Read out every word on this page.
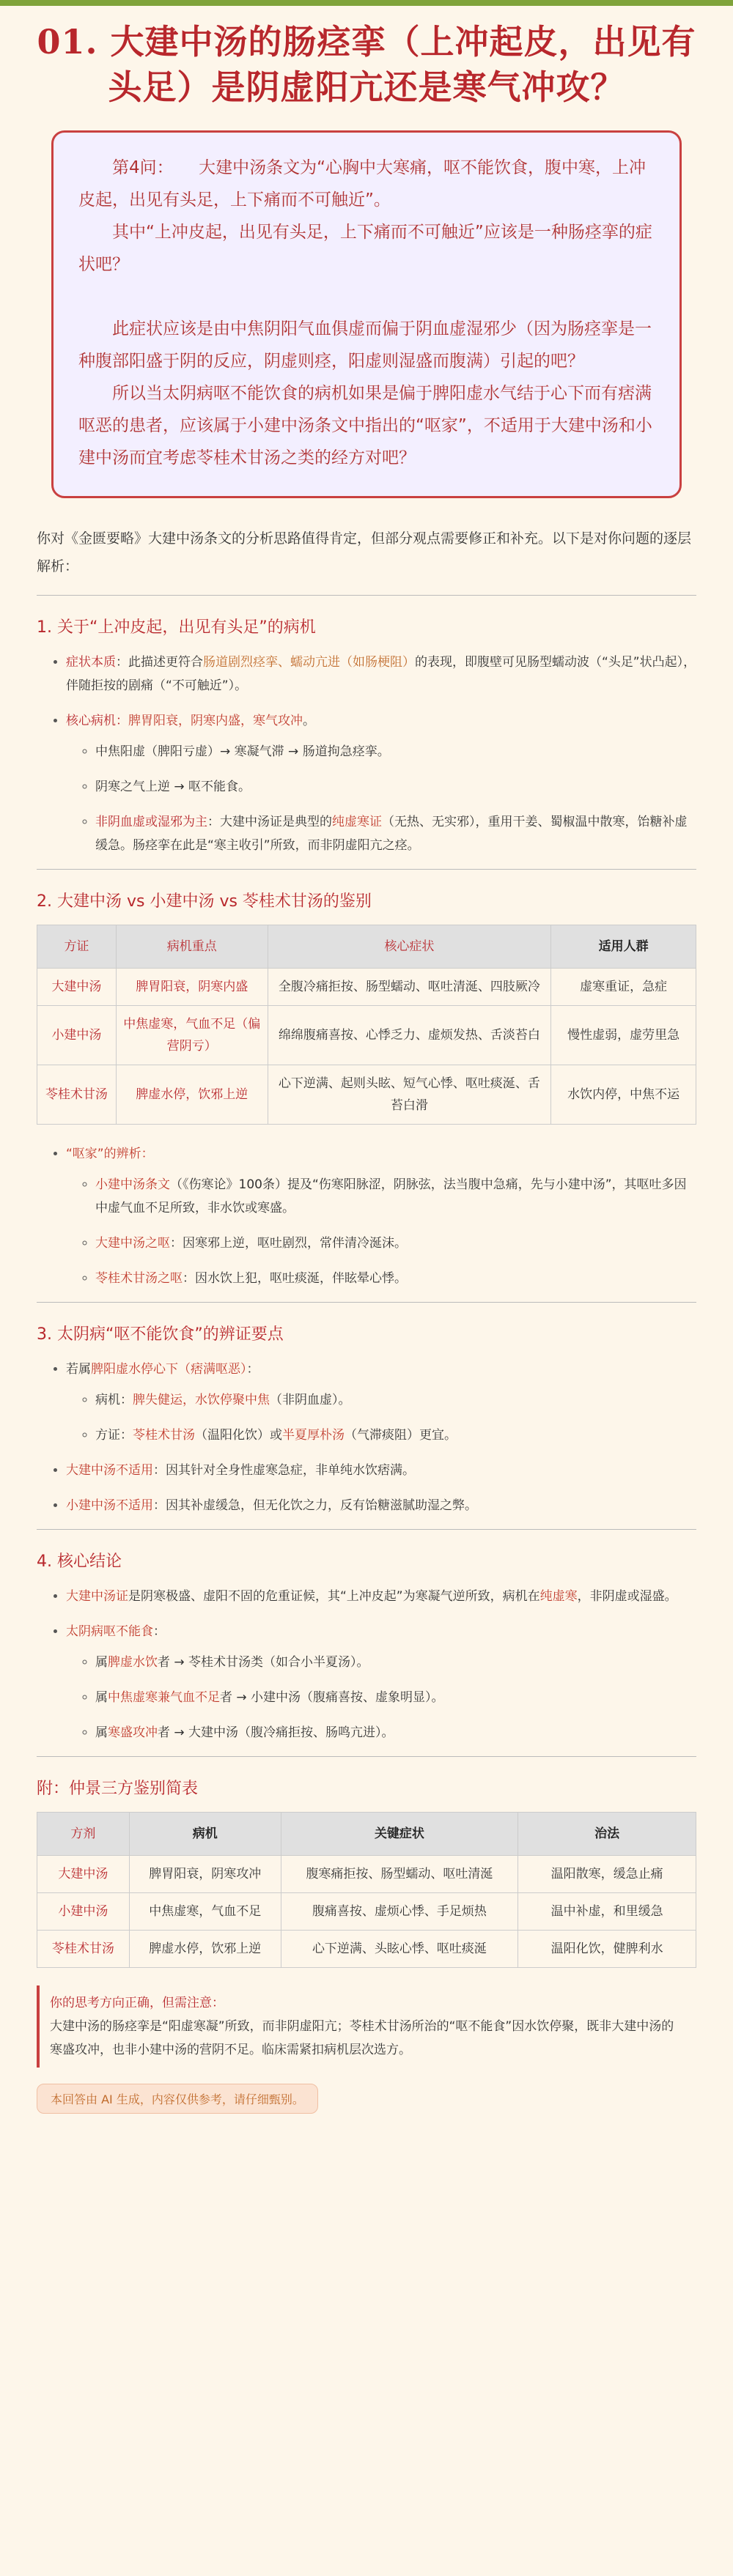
01. 大建中汤的肠痉挛（上冲起皮，出见有头足）是阴虚阳亢还是寒气冲攻？

第4问：　　大建中汤条文为“心胸中大寒痛，呕不能饮食，腹中寒，上冲皮起，出见有头足，上下痛而不可触近”。

其中“上冲皮起，出见有头足，上下痛而不可触近”应该是一种肠痉挛的症状吧？

此症状应该是由中焦阴阳气血俱虚而偏于阴血虚湿邪少（因为肠痉挛是一种腹部阳盛于阴的反应，阴虚则痉，阳虚则湿盛而腹满）引起的吧？

所以当太阴病呕不能饮食的病机如果是偏于脾阳虚水气结于心下而有痞满呕恶的患者，应该属于小建中汤条文中指出的“呕家”，不适用于大建中汤和小建中汤而宜考虑苓桂术甘汤之类的经方对吧？

你对《金匮要略》大建中汤条文的分析思路值得肯定，但部分观点需要修正和补充。以下是对你问题的逐层解析：

1. 关于“上冲皮起，出见有头足”的病机
• 症状本质：此描述更符合肠道剧烈痉挛、蠕动亢进（如肠梗阻）的表现，即腹壁可见肠型蠕动波（“头足”状凸起），伴随拒按的剧痛（“不可触近”）。
• 核心病机：脾胃阳衰，阴寒内盛，寒气攻冲。
◦ 中焦阳虚（脾阳亏虚）→ 寒凝气滞 → 肠道拘急痉挛。
◦ 阴寒之气上逆 → 呕不能食。
◦ 非阴血虚或湿邪为主：大建中汤证是典型的纯虚寒证（无热、无实邪），重用干姜、蜀椒温中散寒，饴糖补虚缓急。肠痉挛在此是“寒主收引”所致，而非阴虚阳亢之痉。
2. 大建中汤 vs 小建中汤 vs 苓桂术甘汤的鉴别
方证	病机重点	核心症状	适用人群
大建中汤	脾胃阳衰，阴寒内盛	全腹冷痛拒按、肠型蠕动、呕吐清涎、四肢厥冷	虚寒重证，急症
小建中汤	中焦虚寒，气血不足（偏营阴亏）	绵绵腹痛喜按、心悸乏力、虚烦发热、舌淡苔白	慢性虚弱，虚劳里急
苓桂术甘汤	脾虚水停，饮邪上逆	心下逆满、起则头眩、短气心悸、呕吐痰涎、舌苔白滑	水饮内停，中焦不运
• “呕家”的辨析：
◦ 小建中汤条文（《伤寒论》100条）提及“伤寒阳脉涩，阴脉弦，法当腹中急痛，先与小建中汤”，其呕吐多因中虚气血不足所致，非水饮或寒盛。
◦ 大建中汤之呕：因寒邪上逆，呕吐剧烈，常伴清冷涎沫。
◦ 苓桂术甘汤之呕：因水饮上犯，呕吐痰涎，伴眩晕心悸。
3. 太阴病“呕不能饮食”的辨证要点
• 若属脾阳虚水停心下（痞满呕恶）：
◦ 病机：脾失健运，水饮停聚中焦（非阴血虚）。
◦ 方证：苓桂术甘汤（温阳化饮）或半夏厚朴汤（气滞痰阻）更宜。
• 大建中汤不适用：因其针对全身性虚寒急症，非单纯水饮痞满。
• 小建中汤不适用：因其补虚缓急，但无化饮之力，反有饴糖滋腻助湿之弊。
4. 核心结论
• 大建中汤证是阴寒极盛、虚阳不固的危重证候，其“上冲皮起”为寒凝气逆所致，病机在纯虚寒，非阴虚或湿盛。
• 太阴病呕不能食：
◦ 属脾虚水饮者 → 苓桂术甘汤类（如合小半夏汤）。
◦ 属中焦虚寒兼气血不足者 → 小建中汤（腹痛喜按、虚象明显）。
◦ 属寒盛攻冲者 → 大建中汤（腹冷痛拒按、肠鸣亢进）。
附：仲景三方鉴别简表
方剂	病机	关键症状	治法
大建中汤	脾胃阳衰，阴寒攻冲	腹寒痛拒按、肠型蠕动、呕吐清涎	温阳散寒，缓急止痛
小建中汤	中焦虚寒，气血不足	腹痛喜按、虚烦心悸、手足烦热	温中补虚，和里缓急
苓桂术甘汤	脾虚水停，饮邪上逆	心下逆满、头眩心悸、呕吐痰涎	温阳化饮，健脾利水
你的思考方向正确，但需注意：
大建中汤的肠痉挛是“阳虚寒凝”所致，而非阴虚阳亢；苓桂术甘汤所治的“呕不能食”因水饮停聚，既非大建中汤的寒盛攻冲，也非小建中汤的营阴不足。临床需紧扣病机层次选方。
本回答由 AI 生成，内容仅供参考，请仔细甄别。
